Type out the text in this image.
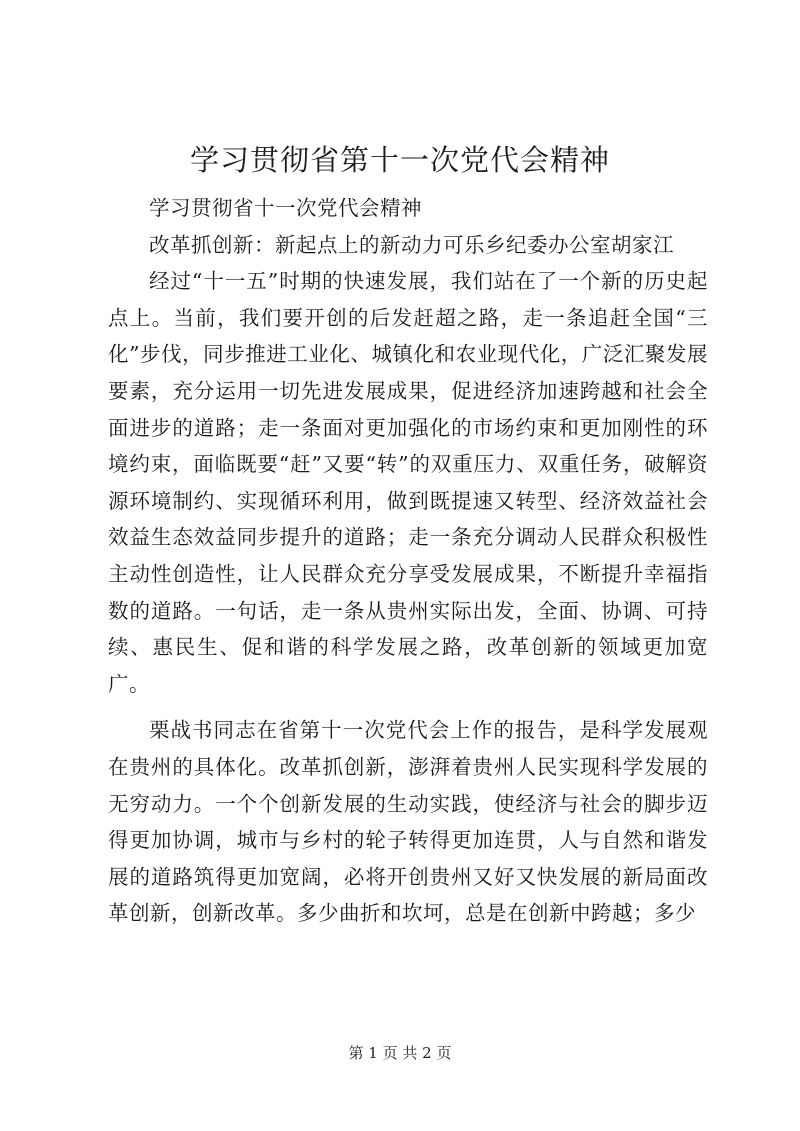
学习贯彻省第十一次党代会精神

学习贯彻省十一次党代会精神

改革抓创新：新起点上的新动力可乐乡纪委办公室胡家江

经过“十一五”时期的快速发展，我们站在了一个新的历史起点上。当前，我们要开创的后发赶超之路，走一条追赶全国“三化”步伐，同步推进工业化、城镇化和农业现代化，广泛汇聚发展要素，充分运用一切先进发展成果，促进经济加速跨越和社会全面进步的道路；走一条面对更加强化的市场约束和更加刚性的环境约束，面临既要“赶”又要“转”的双重压力、双重任务，破解资源环境制约、实现循环利用，做到既提速又转型、经济效益社会效益生态效益同步提升的道路；走一条充分调动人民群众积极性主动性创造性，让人民群众充分享受发展成果，不断提升幸福指数的道路。一句话，走一条从贵州实际出发，全面、协调、可持续、惠民生、促和谐的科学发展之路，改革创新的领域更加宽广。

栗战书同志在省第十一次党代会上作的报告，是科学发展观在贵州的具体化。改革抓创新，澎湃着贵州人民实现科学发展的无穷动力。一个个创新发展的生动实践，使经济与社会的脚步迈得更加协调，城市与乡村的轮子转得更加连贯，人与自然和谐发展的道路筑得更加宽阔，必将开创贵州又好又快发展的新局面改革创新，创新改革。多少曲折和坎坷，总是在创新中跨越；多少

第 1 页 共 2 页
